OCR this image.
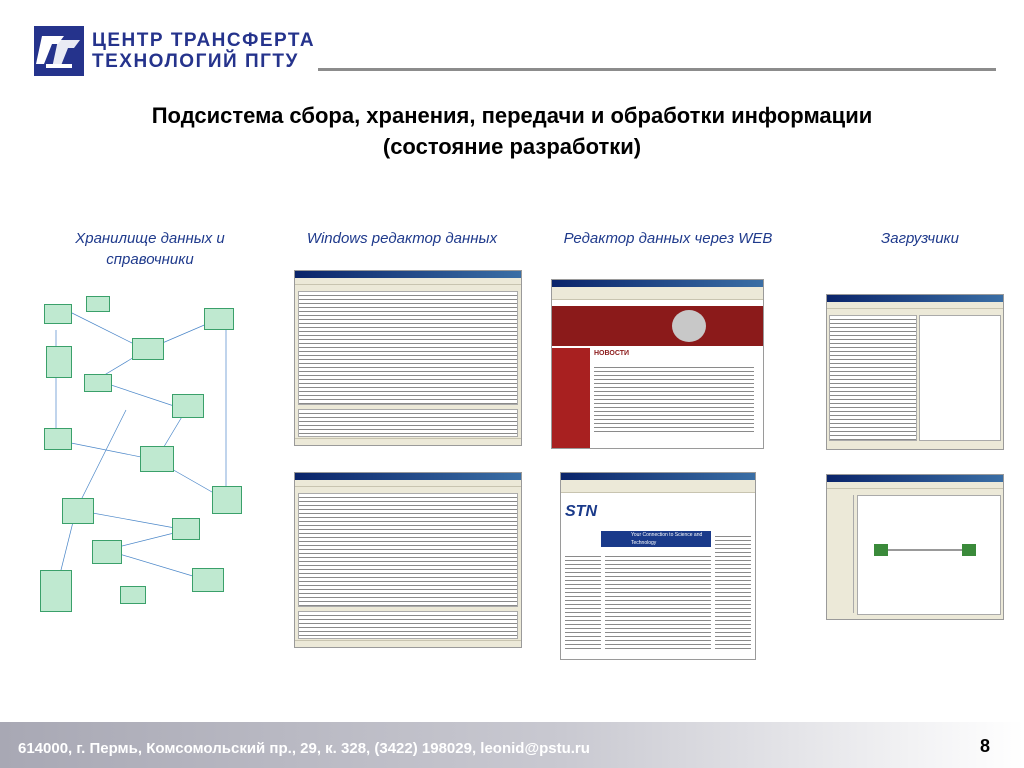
ЦЕНТР ТРАНСФЕРТА
ТЕХНОЛОГИЙ ПГТУ
Подсистема сбора, хранения, передачи и обработки информации
(состояние разработки)
Хранилище данных и
справочники
Windows редактор данных	Редактор данных через WEB	Загрузчики
НОВОСТИ
STN
Your Connection to Science and Technology
614000, г. Пермь, Комсомольский пр., 29, к. 328, (3422) 198029, leonid@pstu.ru	8
